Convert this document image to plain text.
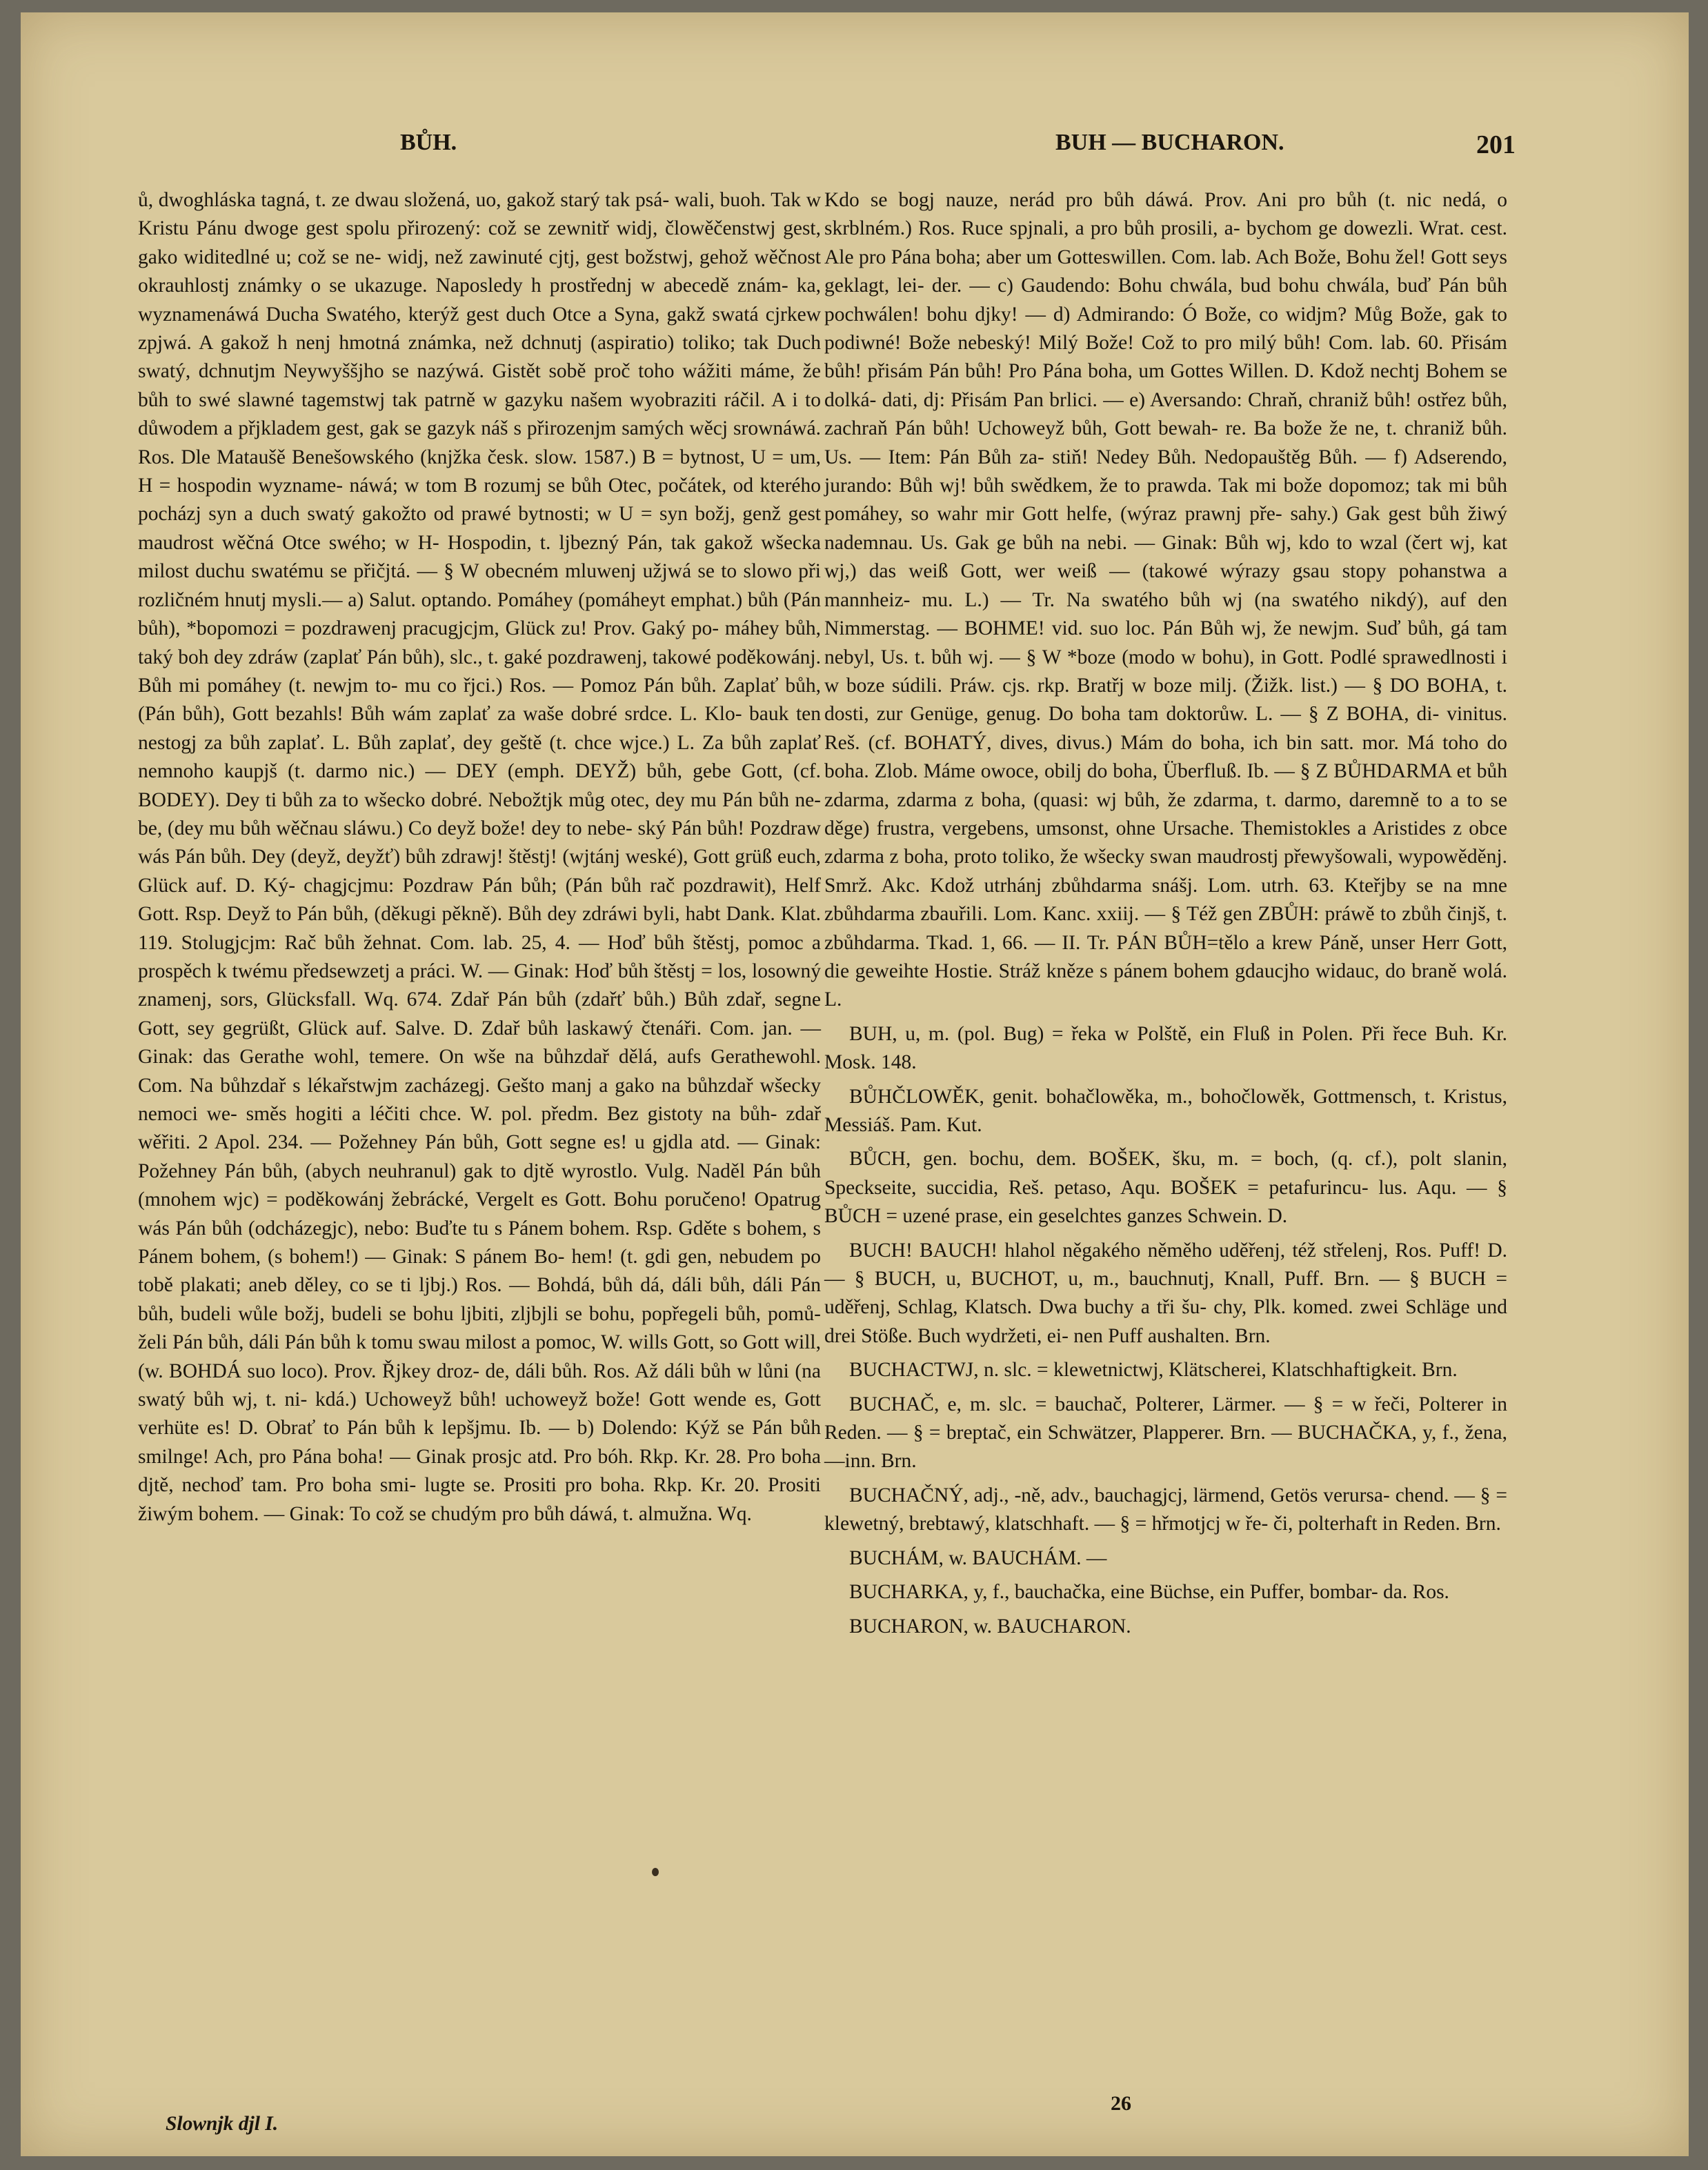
BŮH.	BUH — BUCHARON.	201

ů, dwoghláska tagná, t. ze dwau složená, uo, gakož starý tak psá- wali, buoh. Tak w Kristu Pánu dwoge gest spolu přirozený: což se zewnitř widj, člowěčenstwj gest, gako widitedlné u; což se ne- widj, než zawinuté cjtj, gest božstwj, gehož wěčnost okrauhlostj známky o se ukazuge. Naposledy h prostřednj w abecedě znám- ka, wyznamenáwá Ducha Swatého, kterýž gest duch Otce a Syna, gakž swatá cjrkew zpjwá. A gakož h nenj hmotná známka, než dchnutj (aspiratio) toliko; tak Duch swatý, dchnutjm Neywyššjho se nazýwá. Gistět sobě proč toho wážiti máme, že bůh to swé slawné tagemstwj tak patrně w gazyku našem wyobraziti ráčil. A i to důwodem a přjkladem gest, gak se gazyk náš s přirozenjm samých wěcj srownáwá. Ros. Dle Mataušě Benešowského (knjžka česk. slow. 1587.) B = bytnost, U = um, H = hospodin wyzname- náwá; w tom B rozumj se bůh Otec, počátek, od kterého pocházj syn a duch swatý gakožto od prawé bytnosti; w U = syn božj, genž gest maudrost wěčná Otce swého; w H- Hospodin, t. ljbezný Pán, tak gakož wšecka milost duchu swatému se přičjtá. — § W obecném mluwenj užjwá se to slowo při rozličném hnutj mysli.— a) Salut. optando. Pomáhey (pomáheyt emphat.) bůh (Pán bůh), *bopomozi = pozdrawenj pracugjcjm, Glück zu! Prov. Gaký po- máhey bůh, taký boh dey zdráw (zaplať Pán bůh), slc., t. gaké pozdrawenj, takowé poděkowánj. Bůh mi pomáhey (t. newjm to- mu co řjci.) Ros. — Pomoz Pán bůh. Zaplať bůh, (Pán bůh), Gott bezahls! Bůh wám zaplať za waše dobré srdce. L. Klo- bauk ten nestogj za bůh zaplať. L. Bůh zaplať, dey geště (t. chce wjce.) L. Za bůh zaplať nemnoho kaupjš (t. darmo nic.) — DEY (emph. DEYŽ) bůh, gebe Gott, (cf. BODEY). Dey ti bůh za to wšecko dobré. Nebožtjk můg otec, dey mu Pán bůh ne- be, (dey mu bůh wěčnau sláwu.) Co deyž bože! dey to nebe- ský Pán bůh! Pozdraw wás Pán bůh. Dey (deyž, deyžť) bůh zdrawj! štěstj! (wjtánj weské), Gott grüß euch, Glück auf. D. Ký- chagjcjmu: Pozdraw Pán bůh; (Pán bůh rač pozdrawit), Helf Gott. Rsp. Deyž to Pán bůh, (děkugi pěkně). Bůh dey zdráwi byli, habt Dank. Klat. 119. Stolugjcjm: Rač bůh žehnat. Com. lab. 25, 4. — Hoď bůh štěstj, pomoc a prospěch k twému předsewzetj a práci. W. — Ginak: Hoď bůh štěstj = los, losowný znamenj, sors, Glücksfall. Wq. 674. Zdař Pán bůh (zdařť bůh.) Bůh zdař, segne Gott, sey gegrüßt, Glück auf. Salve. D. Zdař bůh laskawý čtenáři. Com. jan. — Ginak: das Gerathe wohl, temere. On wše na bůhzdař dělá, aufs Gerathewohl. Com. Na bůhzdař s lékařstwjm zacházegj. Gešto manj a gako na bůhzdař wšecky nemoci we- směs hogiti a léčiti chce. W. pol. předm. Bez gistoty na bůh- zdař wěřiti. 2 Apol. 234. — Požehney Pán bůh, Gott segne es! u gjdla atd. — Ginak: Požehney Pán bůh, (abych neuhranul) gak to djtě wyrostlo. Vulg. Naděl Pán bůh (mnohem wjc) = poděkowánj žebrácké, Vergelt es Gott. Bohu poručeno! Opatrug wás Pán bůh (odcházegjc), nebo: Buďte tu s Pánem bohem. Rsp. Gděte s bohem, s Pánem bohem, (s bohem!) — Ginak: S pánem Bo- hem! (t. gdi gen, nebudem po tobě plakati; aneb děley, co se ti ljbj.) Ros. — Bohdá, bůh dá, dáli bůh, dáli Pán bůh, budeli wůle božj, budeli se bohu ljbiti, zljbjli se bohu, popřegeli bůh, pomů- želi Pán bůh, dáli Pán bůh k tomu swau milost a pomoc, W. wills Gott, so Gott will, (w. BOHDÁ suo loco). Prov. Řjkey droz- de, dáli bůh. Ros. Až dáli bůh w lůni (na swatý bůh wj, t. ni- kdá.) Uchoweyž bůh! uchoweyž bože! Gott wende es, Gott verhüte es! D. Obrať to Pán bůh k lepšjmu. Ib. — b) Dolendo: Kýž se Pán bůh smilnge! Ach, pro Pána boha! — Ginak prosjc atd. Pro bóh. Rkp. Kr. 28. Pro boha djtě, nechoď tam. Pro boha smi- lugte se. Prositi pro boha. Rkp. Kr. 20. Prositi žiwým bohem. — Ginak: To což se chudým pro bůh dáwá, t. almužna. Wq.

Kdo se bogj nauze, nerád pro bůh dáwá. Prov. Ani pro bůh (t. nic nedá, o skrblném.) Ros. Ruce spjnali, a pro bůh prosili, a- bychom ge dowezli. Wrat. cest. Ale pro Pána boha; aber um Gotteswillen. Com. lab. Ach Bože, Bohu žel! Gott seys geklagt, lei- der. — c) Gaudendo: Bohu chwála, bud bohu chwála, buď Pán bůh pochwálen! bohu djky! — d) Admirando: Ó Bože, co widjm? Můg Bože, gak to podiwné! Bože nebeský! Milý Bože! Což to pro milý bůh! Com. lab. 60. Přisám bůh! přisám Pán bůh! Pro Pána boha, um Gottes Willen. D. Kdož nechtj Bohem se dolká- dati, dj: Přisám Pan brlici. — e) Aversando: Chraň, chraniž bůh! ostřez bůh, zachraň Pán bůh! Uchoweyž bůh, Gott bewah- re. Ba bože že ne, t. chraniž bůh. Us. — Item: Pán Bůh za- stiň! Nedey Bůh. Nedopauštěg Bůh. — f) Adserendo, jurando: Bůh wj! bůh swědkem, že to prawda. Tak mi bože dopomoz; tak mi bůh pomáhey, so wahr mir Gott helfe, (wýraz prawnj pře- sahy.) Gak gest bůh žiwý nademnau. Us. Gak ge bůh na nebi. — Ginak: Bůh wj, kdo to wzal (čert wj, kat wj,) das weiß Gott, wer weiß — (takowé wýrazy gsau stopy pohanstwa a mannheiz- mu. L.) — Tr. Na swatého bůh wj (na swatého nikdý), auf den Nimmerstag. — BOHME! vid. suo loc. Pán Bůh wj, že newjm. Suď bůh, gá tam nebyl, Us. t. bůh wj. — § W *boze (modo w bohu), in Gott. Podlé sprawedlnosti i w boze súdili. Práw. cjs. rkp. Bratřj w boze milj. (Žižk. list.) — § DO BOHA, t. dosti, zur Genüge, genug. Do boha tam doktorůw. L. — § Z BOHA, di- vinitus. Reš. (cf. BOHATÝ, dives, divus.) Mám do boha, ich bin satt. mor. Má toho do boha. Zlob. Máme owoce, obilj do boha, Überfluß. Ib. — § Z BŮHDARMA et bůh zdarma, zdarma z boha, (quasi: wj bůh, že zdarma, t. darmo, daremně to a to se děge) frustra, vergebens, umsonst, ohne Ursache. Themistokles a Aristides z obce zdarma z boha, proto toliko, že wšecky swan maudrostj přewyšowali, wypowěděnj. Smrž. Akc. Kdož utrhánj zbůhdarma snášj. Lom. utrh. 63. Kteřjby se na mne zbůhdarma zbauřili. Lom. Kanc. xxiij. — § Též gen ZBŮH: práwě to zbůh činjš, t. zbůhdarma. Tkad. 1, 66. — II. Tr. PÁN BŮH=tělo a krew Páně, unser Herr Gott, die geweihte Hostie. Stráž kněze s pánem bohem gdaucjho widauc, do braně wolá. L.

BUH, u, m. (pol. Bug) = řeka w Polště, ein Fluß in Polen. Při řece Buh. Kr. Mosk. 148.

BŮHČLOWĚK, genit. bohačlowěka, m., bohočlowěk, Gottmensch, t. Kristus, Messiáš. Pam. Kut.

BŮCH, gen. bochu, dem. BOŠEK, šku, m. = boch, (q. cf.), polt slanin, Speckseite, succidia, Reš. petaso, Aqu. BOŠEK = petafurincu- lus. Aqu. — § BŮCH = uzené prase, ein geselchtes ganzes Schwein. D.

BUCH! BAUCH! hlahol něgakého něměho uděřenj, též střelenj, Ros. Puff! D. — § BUCH, u, BUCHOT, u, m., bauchnutj, Knall, Puff. Brn. — § BUCH = uděřenj, Schlag, Klatsch. Dwa buchy a tři šu- chy, Plk. komed. zwei Schläge und drei Stöße. Buch wydržeti, ei- nen Puff aushalten. Brn.

BUCHACTWJ, n. slc. = klewetnictwj, Klätscherei, Klatschhaftigkeit. Brn.

BUCHAČ, e, m. slc. = bauchač, Polterer, Lärmer. — § = w řeči, Polterer in Reden. — § = breptač, ein Schwätzer, Plapperer. Brn. — BUCHAČKA, y, f., žena, —inn. Brn.

BUCHAČNÝ, adj., -ně, adv., bauchagjcj, lärmend, Getös verursa- chend. — § = klewetný, brebtawý, klatschhaft. — § = hřmotjcj w ře- či, polterhaft in Reden. Brn.

BUCHÁM, w. BAUCHÁM. —

BUCHARKA, y, f., bauchačka, eine Büchse, ein Puffer, bombar- da. Ros.

BUCHARON, w. BAUCHARON.

Slownjk djl I.
26
